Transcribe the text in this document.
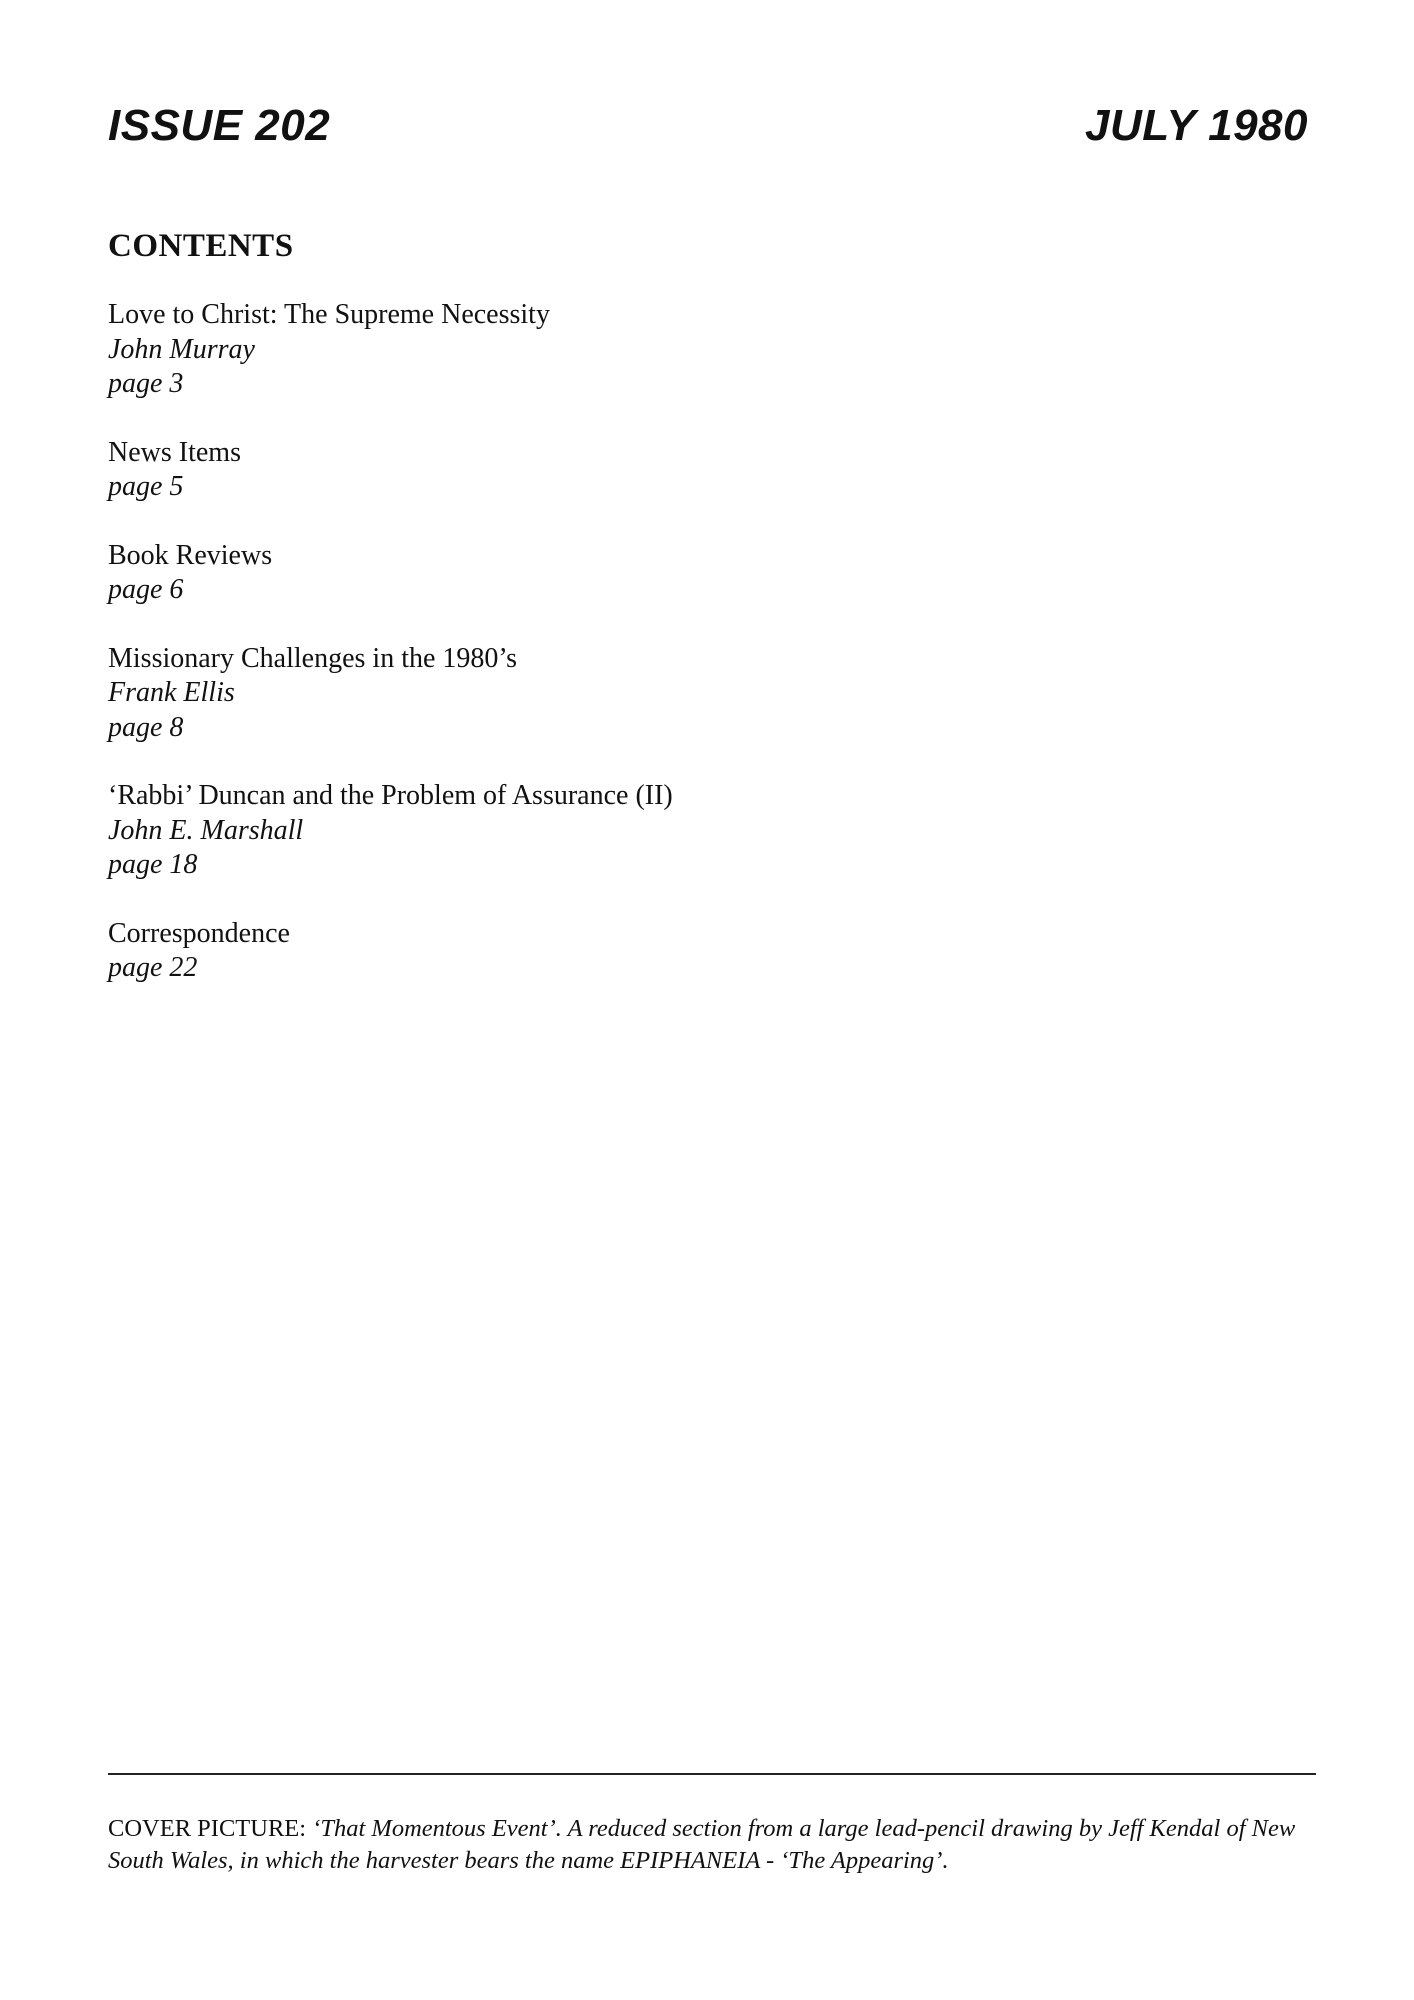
ISSUE 202	JULY 1980
CONTENTS
Love to Christ: The Supreme Necessity
John Murray
page 3
News Items
page 5
Book Reviews
page 6
Missionary Challenges in the 1980’s
Frank Ellis
page 8
‘Rabbi’ Duncan and the Problem of Assurance (II)
John E. Marshall
page 18
Correspondence
page 22
COVER PICTURE: ‘That Momentous Event’. A reduced section from a large lead-pencil drawing by Jeff Kendal of New South Wales, in which the harvester bears the name EPIPHANEIA - ‘The Appearing’.
